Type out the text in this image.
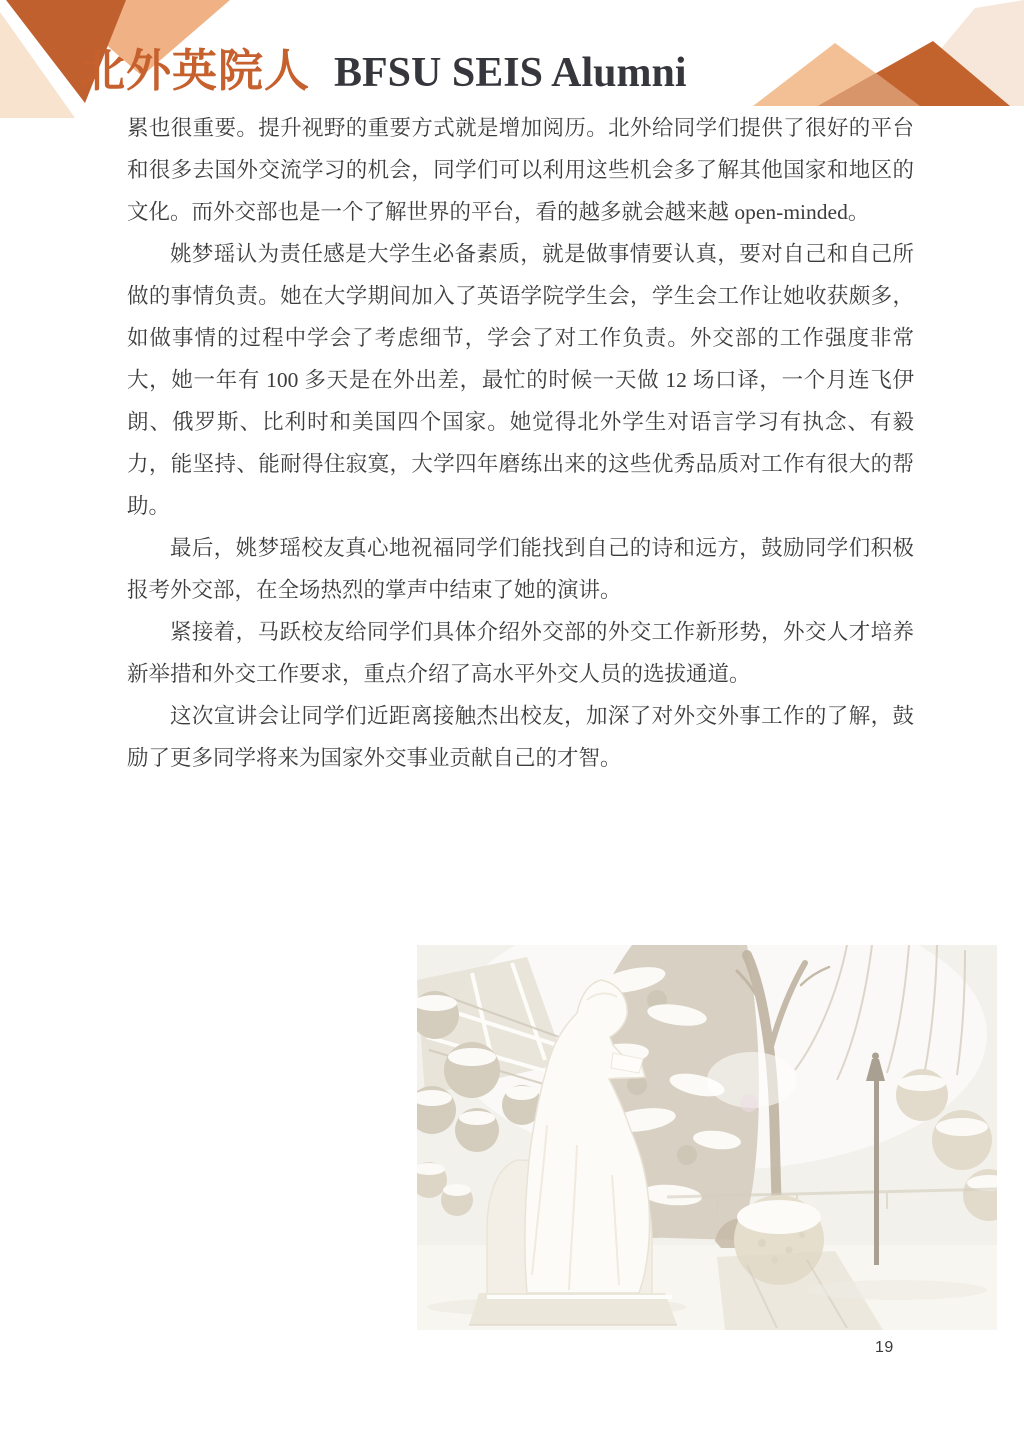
北外英院人 BFSU SEIS Alumni

累也很重要。提升视野的重要方式就是增加阅历。北外给同学们提供了很好的平台和很多去国外交流学习的机会，同学们可以利用这些机会多了解其他国家和地区的文化。而外交部也是一个了解世界的平台，看的越多就会越来越 open-minded。

姚梦瑶认为责任感是大学生必备素质，就是做事情要认真，要对自己和自己所做的事情负责。她在大学期间加入了英语学院学生会，学生会工作让她收获颇多，如做事情的过程中学会了考虑细节，学会了对工作负责。外交部的工作强度非常大，她一年有 100 多天是在外出差，最忙的时候一天做 12 场口译，一个月连飞伊朗、俄罗斯、比利时和美国四个国家。她觉得北外学生对语言学习有执念、有毅力，能坚持、能耐得住寂寞，大学四年磨练出来的这些优秀品质对工作有很大的帮助。

最后，姚梦瑶校友真心地祝福同学们能找到自己的诗和远方，鼓励同学们积极报考外交部，在全场热烈的掌声中结束了她的演讲。

紧接着，马跃校友给同学们具体介绍外交部的外交工作新形势，外交人才培养新举措和外交工作要求，重点介绍了高水平外交人员的选拔通道。

这次宣讲会让同学们近距离接触杰出校友，加深了对外交外事工作的了解，鼓励了更多同学将来为国家外交事业贡献自己的才智。

19
